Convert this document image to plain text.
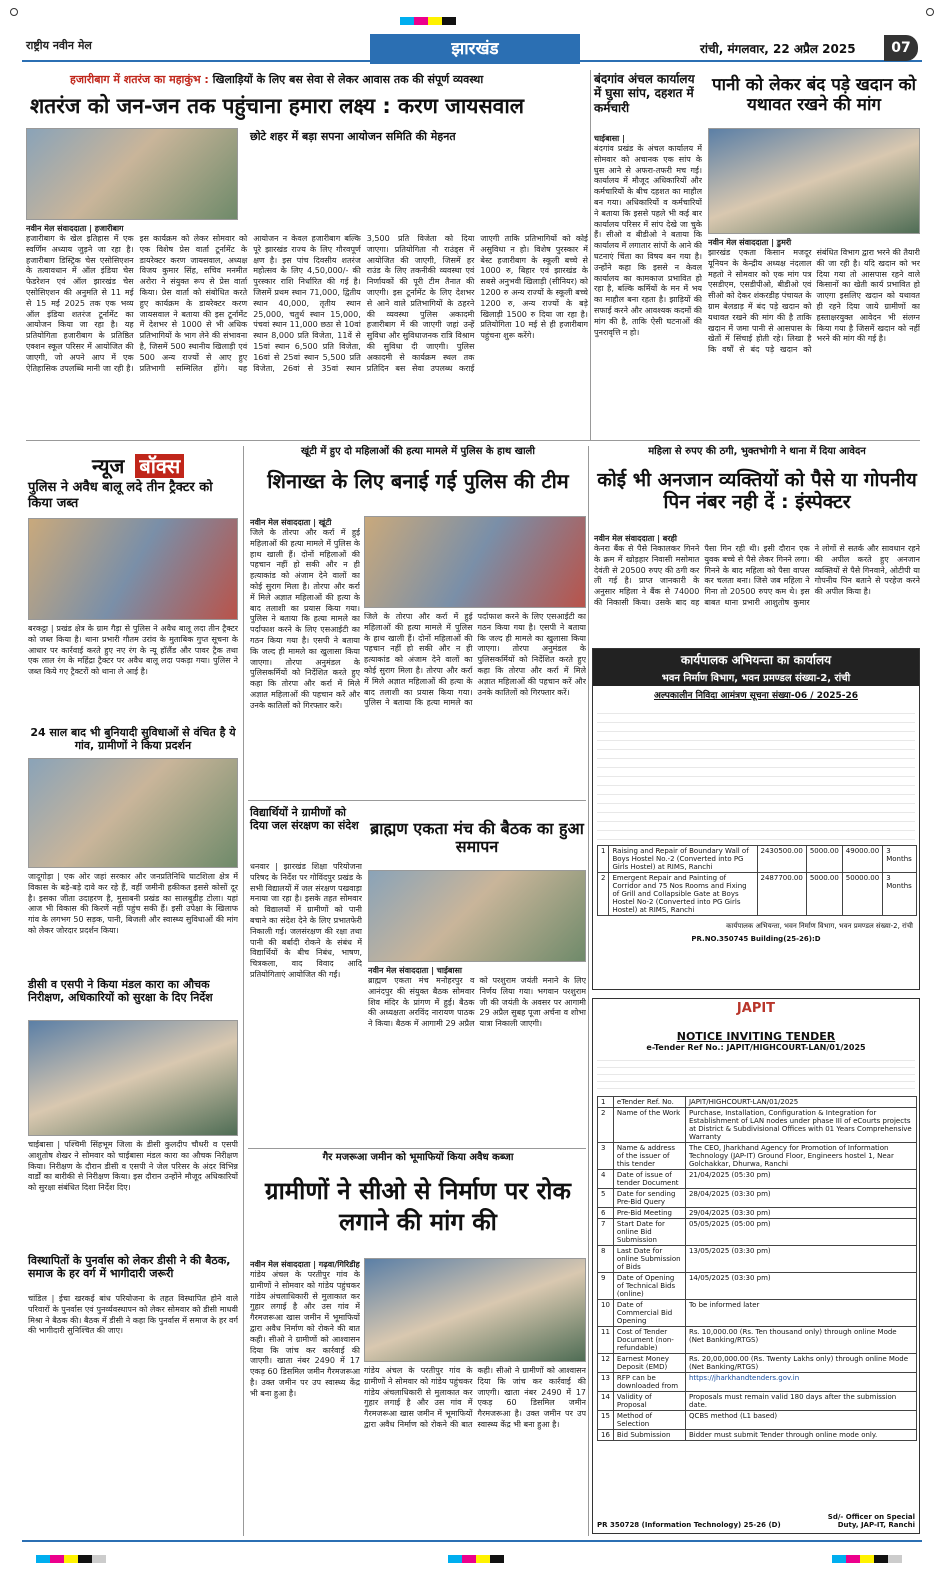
राष्ट्रीय नवीन मेल	झारखंड	रांची, मंगलवार, 22 अप्रैल 2025	07
हजारीबाग में शतरंज का महाकुंभ : खिलाड़ियों के लिए बस सेवा से लेकर आवास तक की संपूर्ण व्यवस्था
शतरंज को जन-जन तक पहुंचाना हमारा लक्ष्य : करण जायसवाल
छोटे शहर में बड़ा सपना आयोजन समिति की मेहनत
नवीन मेल संवाददाता | हजारीबाग
हजारीबाग के खेल इतिहास में एक स्वर्णिम अध्याय जुड़ने जा रहा है। हजारीबाग डिस्ट्रिक चेस एसोसिएशन के तत्वावधान में ऑल इंडिया चेस फेडरेशन एवं ऑल झारखंड चेस एसोसिएशन की अनुमति से 11 मई से 15 मई 2025 तक एक भव्य ऑल इंडिया शतरंज टूर्नामेंट का आयोजन किया जा रहा है। यह प्रतियोगिता हजारीबाग के प्रतिष्ठित एक्शन स्कूल परिसर में आयोजित की जाएगी, जो अपने आप में एक ऐतिहासिक उपलब्धि मानी जा रही है। इस कार्यक्रम को लेकर सोमवार को एक विशेष प्रेस वार्ता टूर्नामेंट के डायरेक्टर करण जायसवाल, अध्यक्ष विजय कुमार सिंह, सचिव मनमीत अरोरा ने संयुक्त रूप से प्रेस वार्ता किया। प्रेस वार्ता को संबोधित करते हुए कार्यक्रम के डायरेक्टर करण जायसवाल ने बताया की इस टूर्नामेंट में देशभर से 1000 से भी अधिक प्रतिभागियों के भाग लेने की संभावना है, जिसमें 500 स्थानीय खिलाड़ी एवं 500 अन्य राज्यों से आए हुए प्रतिभागी सम्मिलित होंगे। यह आयोजन न केवल हजारीबाग बल्कि पूरे झारखंड राज्य के लिए गौरवपूर्ण क्षण है। इस पांच दिवसीय शतरंज महोत्सव के लिए 4,50,000/- की पुरस्कार राशि निर्धारित की गई है। जिसमें प्रथम स्थान 71,000, द्वितीय स्थान 40,000, तृतीय स्थान 25,000, चतुर्थ स्थान 15,000, पंचवां स्थान 11,000 छठा से 10वां स्थान 8,000 प्रति विजेता, 11वें से 15वां स्थान 6,500 प्रति विजेता, 16वां से 25वां स्थान 5,500 प्रति विजेता, 26वां से 35वां स्थान 3,500 प्रति विजेता को दिया जाएगा। प्रतियोगिता नौ राउंड्स में आयोजित की जाएगी, जिसमें हर राउंड के लिए तकनीकी व्यवस्था एवं निर्णायकों की पूरी टीम तैनात की जाएगी। इस टूर्नामेंट के लिए देशभर से आने वाले प्रतिभागियों के ठहरने की व्यवस्था पुलिस अकादमी हजारीबाग में की जाएगी जहां उन्हें सुविधा और सुविधाजनक रात्रि विश्राम की सुविधा दी जाएगी। पुलिस अकादमी से कार्यक्रम स्थल तक प्रतिदिन बस सेवा उपलब्ध कराई जाएगी ताकि प्रतिभागियों को कोई असुविधा न हो। विशेष पुरस्कार में बेस्ट हजारीबाग के स्कूली बच्चे से 1000 रु, बिहार एवं झारखंड के सबसे अनुभवी खिलाड़ी (सीनियर) को 1200 रु अन्य राज्यों के स्कूली बच्चे 1200 रु, अन्य राज्यों के बड़े खिलाड़ी 1500 रु दिया जा रहा है। प्रतियोगिता 10 मई से ही हजारीबाग पहुंचना शुरू करेंगे।
बंदगांव अंचल कार्यालय में घुसा सांप, दहशत में कर्मचारी
चाईबासा |
बंदगांव प्रखंड के अंचल कार्यालय में सोमवार को अचानक एक सांप के घुस आने से अफरा-तफरी मच गई। कार्यालय में मौजूद अधिकारियों और कर्मचारियों के बीच दहशत का माहौल बन गया। अधिकारियों व कर्मचारियों ने बताया कि इससे पहले भी कई बार कार्यालय परिसर में सांप देखे जा चुके हैं। सीओ व बीडीओ ने बताया कि कार्यालय में लगातार सांपों के आने की घटनाएं चिंता का विषय बन गया है। उन्होंने कहा कि इससे न केवल कार्यालय का कामकाज प्रभावित हो रहा है, बल्कि कर्मियों के मन में भय का माहौल बना रहता है। झाड़ियों की सफाई करने और आवश्यक कदमों की मांग की है, ताकि ऐसी घटनाओं की पुनरावृत्ति न हो।
पानी को लेकर बंद पड़े खदान को यथावत रखने की मांग
नवीन मेल संवाददाता | डुमरी
झारखंड एकता किसान मजदूर यूनियन के केन्द्रीय अध्यक्ष नंदलाल महतो ने सोमवार को एक मांग पत्र एसडीएम, एसडीपीओ, बीडीओ एवं सीओ को देकर शंकरडीह पंचायत के ग्राम बेलडाड़ में बंद पड़े खदान को यथावत रखने की मांग की है ताकि खदान में जमा पानी से आसपास के खेतों में सिंचाई होती रहे। लिखा है कि वर्षों से बंद पड़े खदान को संबंधित विभाग द्वारा भरने की तैयारी की जा रही है। यदि खदान को भर दिया गया तो आसपास रहने वाले किसानों का खेती कार्य प्रभावित हो जाएगा इसलिए खदान को यथावत ही रहने दिया जाये ग्रामीणों का हस्ताक्षरयुक्त आवेदन भी संलग्न किया गया है जिसमें खदान को नहीं भरने की मांग की गई है।
न्यूज बॉक्स
पुलिस ने अवैध बालू लदे तीन ट्रैक्टर को किया जब्त
बरकट्ठा | प्रखंड क्षेत्र के ग्राम गैड़ा से पुलिस ने अवैध बालू लदा तीन ट्रैक्टर को जब्त किया है। थाना प्रभारी गौतम उरांव के मुताबिक गुप्त सूचना के आधार पर कार्रवाई करते हुए नए रंग के न्यू हॉलैंड और पावर ट्रैक तथा एक लाल रंग के महिंद्रा ट्रैक्टर पर अवैध बालू लदा पकड़ा गया। पुलिस ने जब्त किये गए ट्रैक्टरों को थाना ले आई है।
24 साल बाद भी बुनियादी सुविधाओं से वंचित है ये गांव, ग्रामीणों ने किया प्रदर्शन
जादूगोड़ा | एक ओर जहां सरकार और जनप्रतिनिधि घाटशिला क्षेत्र में विकास के बड़े-बड़े दावे कर रहे हैं, वहीं जमीनी हकीकत इससे कोसों दूर है। इसका जीता उदाहरण है, मुसाबनी प्रखंड का सालबुडीह टोला। यहां आज भी विकास की किरणें नहीं पहुंच सकी हैं। इसी उपेक्षा के खिलाफ गांव के लगभग 50 सड़क, पानी, बिजली और स्वास्थ्य सुविधाओं की मांग को लेकर जोरदार प्रदर्शन किया।
डीसी व एसपी ने किया मंडल कारा का औचक निरीक्षण, अधिकारियों को सुरक्षा के दिए निर्देश
चाईबासा | पश्चिमी सिंहभूम जिला के डीसी कुलदीप चौधरी व एसपी आशुतोष शेखर ने सोमवार को चाईबासा मंडल कारा का औचक निरीक्षण किया। निरीक्षण के दौरान डीसी व एसपी ने जेल परिसर के अंदर विभिन्न वार्डों का बारीकी से निरीक्षण किया। इस दौरान उन्होंने मौजूद अधिकारियों को सुरक्षा संबंधित दिशा निर्देश दिए।
विस्थापितों के पुनर्वास को लेकर डीसी ने की बैठक, समाज के हर वर्ग में भागीदारी जरूरी
चांडिल | ईचा खरकई बांध परियोजना के तहत विस्थापित होने वाले परिवारों के पुनर्वास एवं पुनर्व्यवस्थापन को लेकर सोमवार को डीसी माधवी मिश्रा ने बैठक की। बैठक में डीसी ने कहा कि पुनर्वास में समाज के हर वर्ग की भागीदारी सुनिश्चित की जाए।
खूंटी में हुए दो महिलाओं की हत्या मामले में पुलिस के हाथ खाली
शिनाख्त के लिए बनाई गई पुलिस की टीम
नवीन मेल संवाददाता | खूंटी
जिले के तोरपा और कर्रा में हुई महिलाओं की हत्या मामले में पुलिस के हाथ खाली हैं। दोनों महिलाओं की पहचान नहीं हो सकी और न ही हत्याकांड को अंजाम देने वालों का कोई सुराग मिला है। तोरपा और कर्रा में मिले अज्ञात महिलाओं की हत्या के बाद तलाशी का प्रयास किया गया। पुलिस ने बताया कि हत्या मामले का पर्दाफाश करने के लिए एसआईटी का गठन किया गया है। एसपी ने बताया कि जल्द ही मामले का खुलासा किया जाएगा। तोरपा अनुमंडल के पुलिसकर्मियों को निर्देशित करते हुए कहा कि तोरपा और कर्रा में मिले अज्ञात महिलाओं की पहचान करें और उनके कातिलों को गिरफ्तार करें।
महिला से रुपए की ठगी, भुक्तभोगी ने थाना में दिया आवेदन
कोई भी अनजान व्यक्तियों को पैसे या गोपनीय पिन नंबर नही दें : इंस्पेक्टर
नवीन मेल संवाददाता | बरही
केनरा बैंक से पैसे निकालकर गिनने के क्रम में खोड़हार निवासी मसोमात देवंती से 20500 रुपए की ठगी कर ली गई है। प्राप्त जानकारी के अनुसार महिला ने बैंक से 74000 की निकासी किया। उसके बाद वह पैसा गिन रही थी। इसी दौरान एक युवक बच्चे से पैसे लेकर गिनने लगा। गिनने के बाद महिला को पैसा वापस कर चलता बना। जिसे जब महिला ने गिना तो 20500 रुपए कम थे। इस बाबत थाना प्रभारी आशुतोष कुमार ने लोगों से सतर्क और सावधान रहने की अपील करते हुए अनजान व्यक्तियों से पैसे गिनवाने, ओटीपी या गोपनीय पिन बताने से परहेज करने की अपील किया है।
कार्यपालक अभियन्ता का कार्यालय
भवन निर्माण विभाग, भवन प्रमण्डल संख्या-2, रांची
अल्पकालीन निविदा आमंत्रण सूचना संख्या-06 / 2025-26
1	Raising and Repair of Boundary Wall of Boys Hostel No.-2 (Converted into PG Girls Hostel) at RIMS, Ranchi	2430500.00	5000.00	49000.00	3 Months
2	Emergent Repair and Painting of Corridor and 75 Nos Rooms and Fixing of Grill and Collapsible Gate at Boys Hostel No-2 (Converted into PG Girls Hostel) at RIMS, Ranchi	2487700.00	5000.00	50000.00	3 Months
कार्यपालक अभियन्ता, भवन निर्माण विभाग, भवन प्रमण्डल संख्या-2, रांची
PR.NO.350745 Building(25-26):D
JAPIT
NOTICE INVITING TENDER
e-Tender Ref No.: JAPIT/HIGHCOURT-LAN/01/2025
1	eTender Ref. No.	JAPIT/HIGHCOURT-LAN/01/2025
2	Name of the Work	Purchase, Installation, Configuration & Integration for Establishment of LAN nodes under phase III of eCourts projects at District & Subdivisional Offices with 01 Years Comprehensive Warranty
3	Name & address of the issuer of this tender	The CEO, Jharkhand Agency for Promotion of Information Technology (JAP-IT) Ground Floor, Engineers hostel 1, Near Golchakkar, Dhurwa, Ranchi
4	Date of issue of tender Document	21/04/2025 (05:30 pm)
5	Date for sending Pre-Bid Query	28/04/2025 (03:30 pm)
6	Pre-Bid Meeting	29/04/2025 (03:30 pm)
7	Start Date for online Bid Submission	05/05/2025 (05:00 pm)
8	Last Date for online Submission of Bids	13/05/2025 (03:30 pm)
9	Date of Opening of Technical Bids (online)	14/05/2025 (03:30 pm)
10	Date of Commercial Bid Opening	To be informed later
11	Cost of Tender Document (non-refundable)	Rs. 10,000.00 (Rs. Ten thousand only) through online Mode (Net Banking/RTGS)
12	Earnest Money Deposit (EMD)	Rs. 20,00,000.00 (Rs. Twenty Lakhs only) through online Mode (Net Banking/RTGS)
13	RFP can be downloaded from	https://jharkhandtenders.gov.in
14	Validity of Proposal	Proposals must remain valid 180 days after the submission date.
15	Method of Selection	QCBS method (L1 based)
16	Bid Submission	Bidder must submit Tender through online mode only.
PR 350728 (Information Technology) 25-26 (D)
Sd/- Officer on Special Duty, JAP-IT, Ranchi
जिले के तोरपा और कर्रा में हुई महिलाओं की हत्या मामले में पुलिस के हाथ खाली हैं। दोनों महिलाओं की पहचान नहीं हो सकी और न ही हत्याकांड को अंजाम देने वालों का कोई सुराग मिला है। तोरपा और कर्रा में मिले अज्ञात महिलाओं की हत्या के बाद तलाशी का प्रयास किया गया। पुलिस ने बताया कि हत्या मामले का पर्दाफाश करने के लिए एसआईटी का गठन किया गया है। एसपी ने बताया कि जल्द ही मामले का खुलासा किया जाएगा। तोरपा अनुमंडल के पुलिसकर्मियों को निर्देशित करते हुए कहा कि तोरपा और कर्रा में मिले अज्ञात महिलाओं की पहचान करें और उनके कातिलों को गिरफ्तार करें।
विद्यार्थियों ने ग्रामीणों को दिया जल संरक्षण का संदेश
धनवार | झारखंड शिक्षा परियोजना परिषद के निर्देश पर गोविंदपुर प्रखंड के सभी विद्यालयों में जल संरक्षण पखवाड़ा मनाया जा रहा है। इसके तहत सोमवार को विद्यालयों में ग्रामीणों को पानी बचाने का संदेश देने के लिए प्रभातफेरी निकाली गई। जलसंरक्षण की रक्षा तथा पानी की बर्बादी रोकने के संबंध में विद्यार्थियों के बीच निबंध, भाषण, चित्रकला, वाद विवाद आदि प्रतियोगिताएं आयोजित की गईं।
ब्राह्मण एकता मंच की बैठक का हुआ समापन
नवीन मेल संवाददाता | चाईबासा
ब्राह्मण एकता मंच मनोहरपुर व आनंदपुर की संयुक्त बैठक सोमवार शिव मंदिर के प्रांगण में हुई। बैठक की अध्यक्षता अरविंद नारायण पाठक ने किया। बैठक में आगामी 29 अप्रैल को परशुराम जयंती मनाने के लिए निर्णय लिया गया। भगवान परशुराम जी की जयंती के अवसर पर आगामी 29 अप्रैल सुबह पूजा अर्चना व शोभा यात्रा निकाली जाएगी।
गैर मजरूआ जमीन को भूमाफियों किया अवैध कब्जा
ग्रामीणों ने सीओ से निर्माण पर रोक लगाने की मांग की
नवीन मेल संवाददाता | गढ़वा/गिरिडीह
गांडेय अंचल के परतीपुर गांव के ग्रामीणों ने सोमवार को गांडेय पहुंचकर गांडेय अंचलाधिकारी से मुलाकात कर गुहार लगाई है और उस गांव में गैरमजरूआ खास जमीन में भूमाफियों द्वारा अवैध निर्माण को रोकने की बात कही। सीओ ने ग्रामीणों को आश्वासन दिया कि जांच कर कार्रवाई की जाएगी। खाता नंबर 2490 में 17 एकड़ 60 डिसमिल जमीन गैरमजरूआ है। उक्त जमीन पर उप स्वास्थ्य केंद्र भी बना हुआ है।
गांडेय अंचल के परतीपुर गांव के ग्रामीणों ने सोमवार को गांडेय पहुंचकर गांडेय अंचलाधिकारी से मुलाकात कर गुहार लगाई है और उस गांव में गैरमजरूआ खास जमीन में भूमाफियों द्वारा अवैध निर्माण को रोकने की बात कही। सीओ ने ग्रामीणों को आश्वासन दिया कि जांच कर कार्रवाई की जाएगी। खाता नंबर 2490 में 17 एकड़ 60 डिसमिल जमीन गैरमजरूआ है। उक्त जमीन पर उप स्वास्थ्य केंद्र भी बना हुआ है।
